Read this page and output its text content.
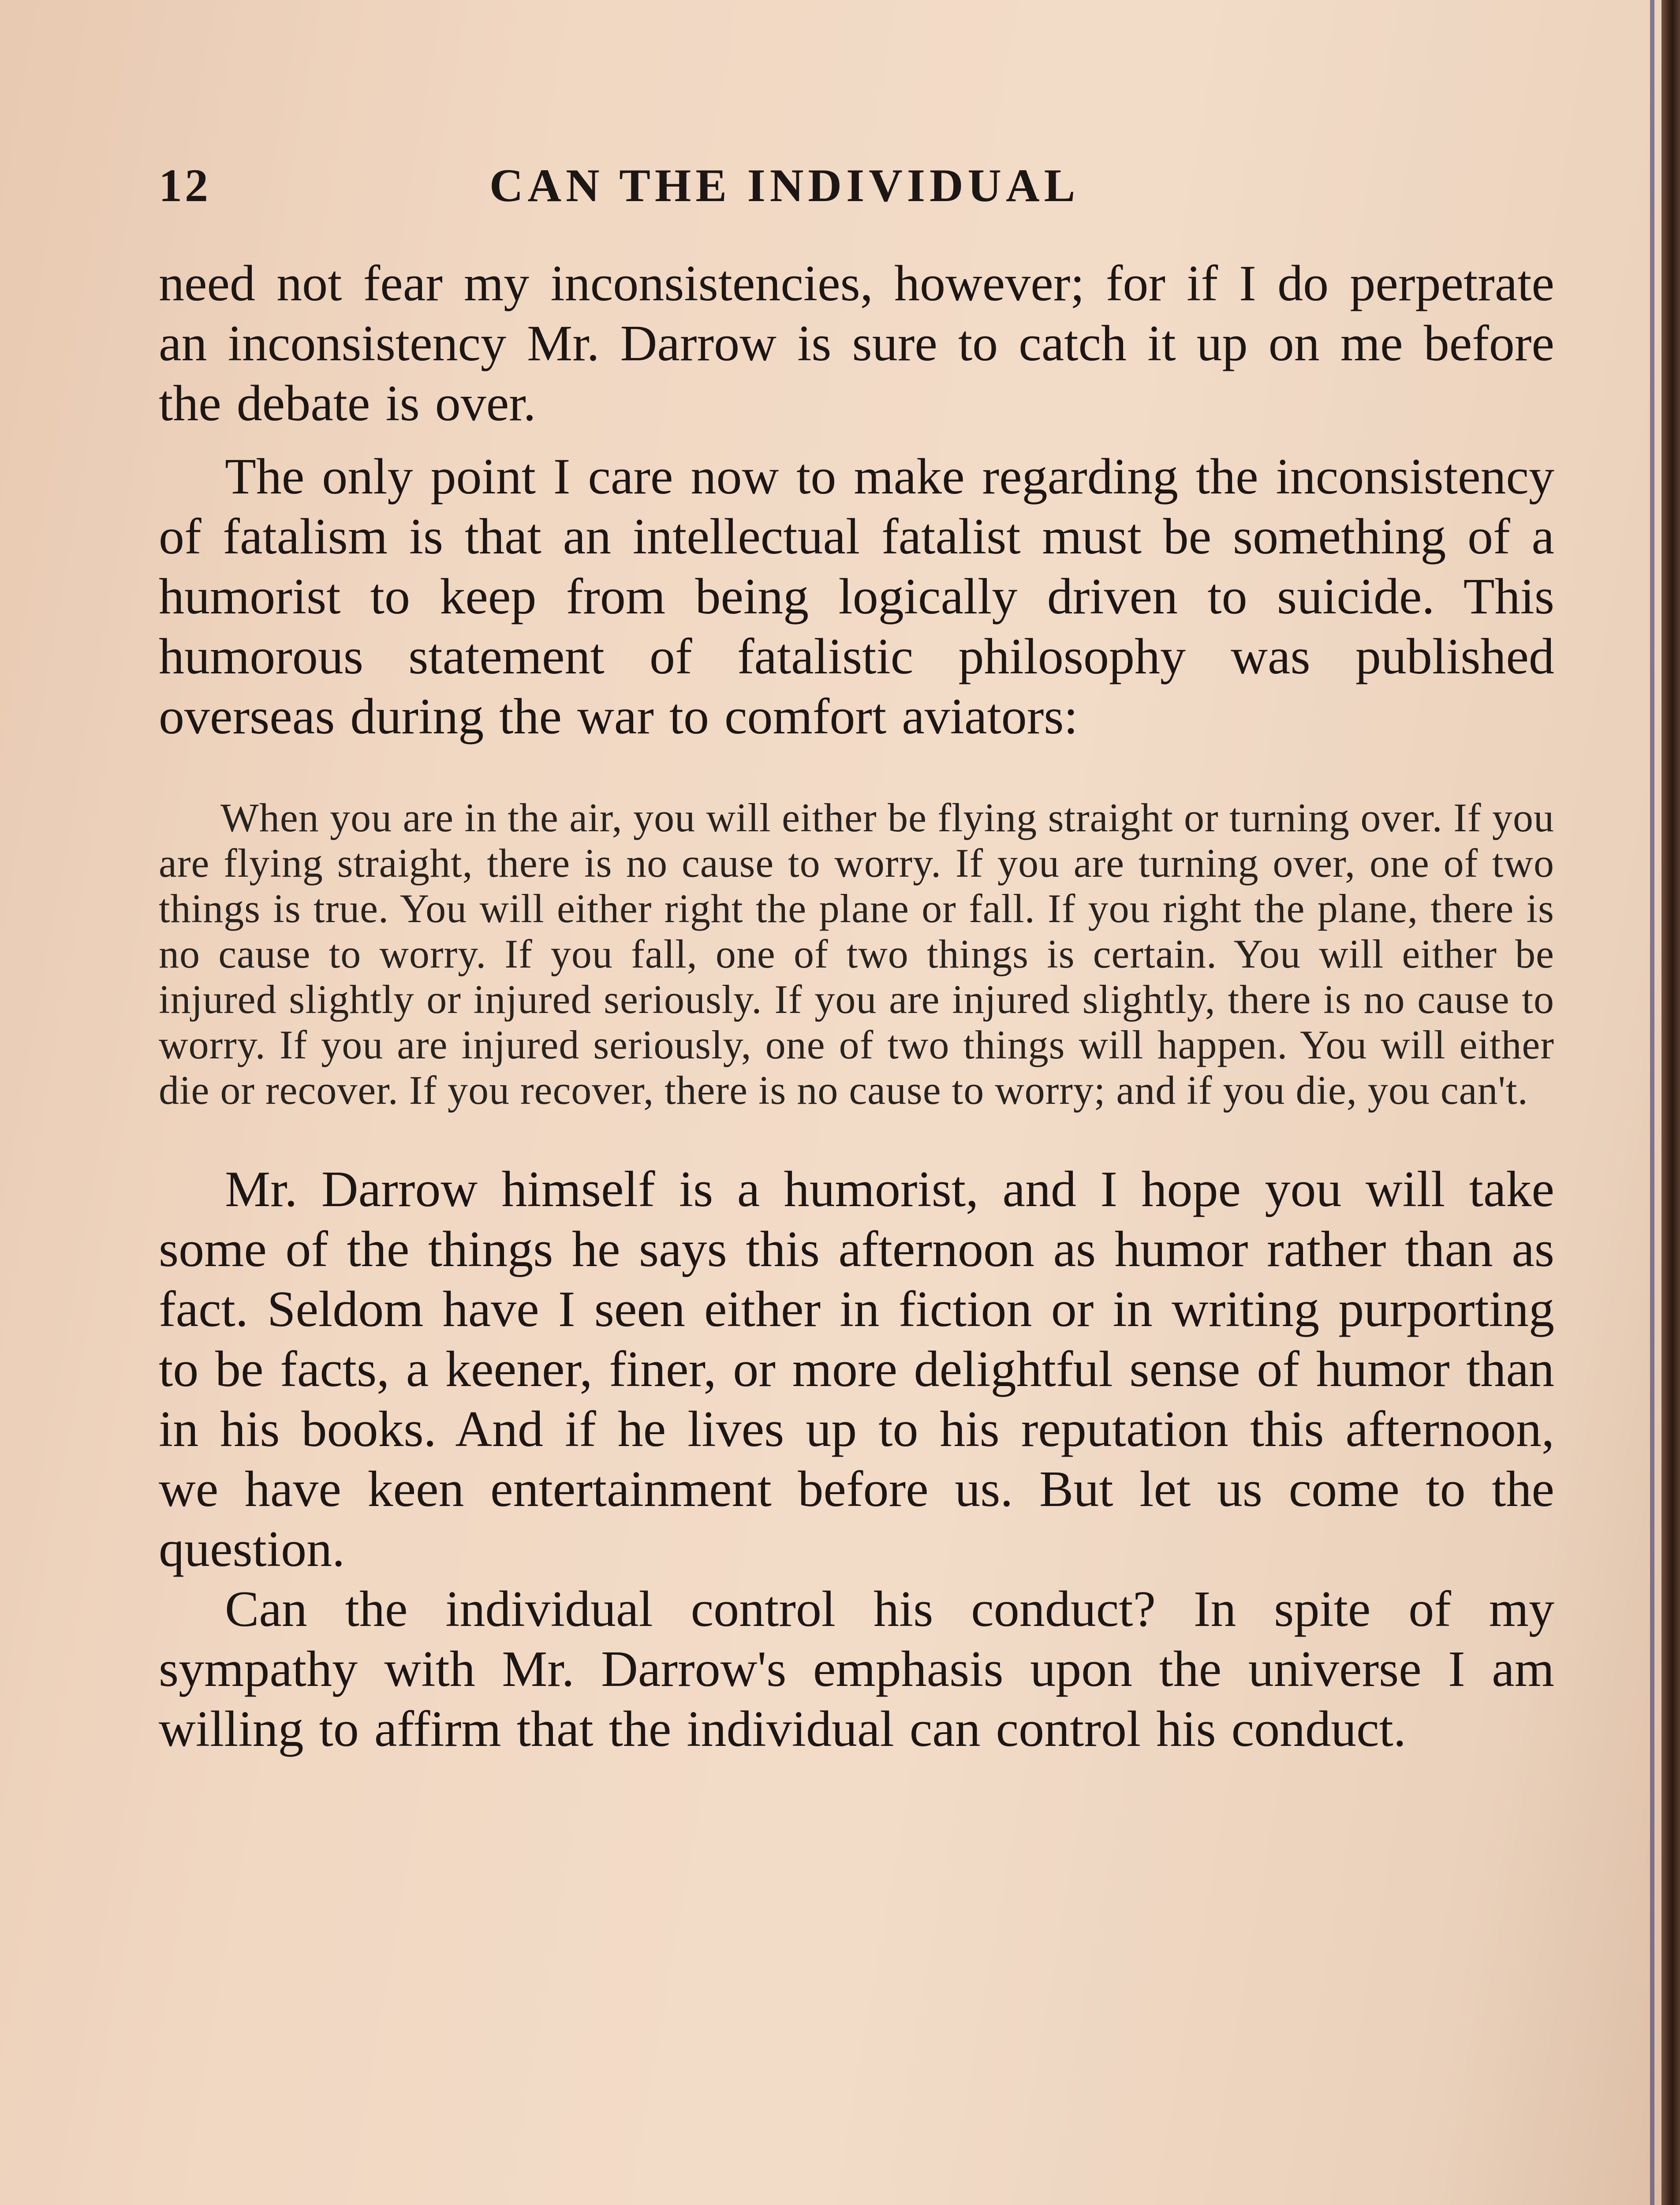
12	CAN THE INDIVIDUAL

need not fear my inconsistencies, however; for if I do perpetrate an inconsistency Mr. Darrow is sure to catch it up on me before the debate is over.

The only point I care now to make regarding the inconsistency of fatalism is that an intellectual fatalist must be something of a humorist to keep from being logically driven to suicide. This humorous statement of fatalistic philosophy was published overseas during the war to comfort aviators:

When you are in the air, you will either be flying straight or turning over. If you are flying straight, there is no cause to worry. If you are turning over, one of two things is true. You will either right the plane or fall. If you right the plane, there is no cause to worry. If you fall, one of two things is certain. You will either be injured slightly or injured seriously. If you are injured slightly, there is no cause to worry. If you are injured seriously, one of two things will happen. You will either die or recover. If you recover, there is no cause to worry; and if you die, you can't.

Mr. Darrow himself is a humorist, and I hope you will take some of the things he says this afternoon as humor rather than as fact. Seldom have I seen either in fiction or in writing purporting to be facts, a keener, finer, or more delightful sense of humor than in his books. And if he lives up to his reputation this afternoon, we have keen entertainment before us. But let us come to the question.

Can the individual control his conduct? In spite of my sympathy with Mr. Darrow's emphasis upon the universe I am willing to affirm that the individual can control his conduct.
